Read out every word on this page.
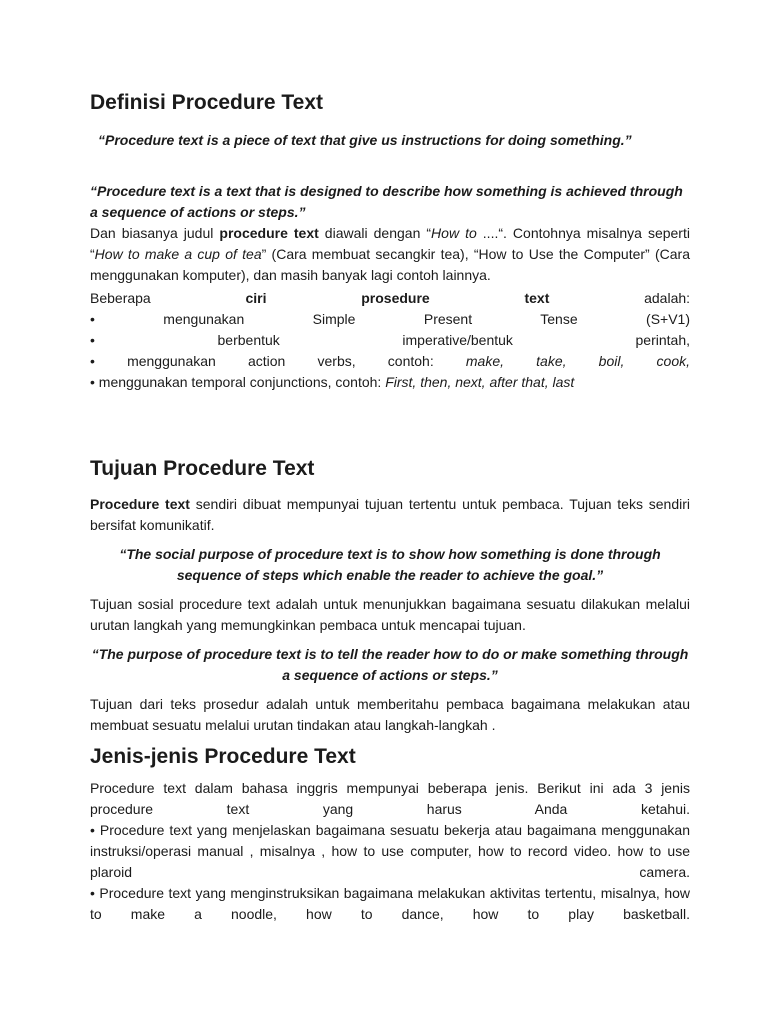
Definisi Procedure Text

“Procedure text is a piece of text that give us instructions for doing something.”

“Procedure text is a text that is designed to describe how something is achieved through a sequence of actions or steps.”

Dan biasanya judul procedure text diawali dengan “How to ....“. Contohnya misalnya seperti “How to make a cup of tea” (Cara membuat secangkir tea), “How to Use the Computer” (Cara menggunakan komputer), dan masih banyak lagi contoh lainnya.

Beberapa ciri	prosedure	text adalah:
• mengunakan Simple Present Tense (S+V1)
• berbentuk imperative/bentuk perintah,
• menggunakan action verbs, contoh: make, take, boil, cook,
• menggunakan temporal conjunctions, contoh: First, then, next, after that, last
Tujuan Procedure Text

Procedure text sendiri dibuat mempunyai tujuan tertentu untuk pembaca. Tujuan teks sendiri bersifat komunikatif.

“The social purpose of procedure text is to show how something is done through sequence of steps which enable the reader to achieve the goal.”

Tujuan sosial procedure text adalah untuk menunjukkan bagaimana sesuatu dilakukan melalui urutan langkah yang memungkinkan pembaca untuk mencapai tujuan.

“The purpose of procedure text is to tell the reader how to do or make something through a sequence of actions or steps.”

Tujuan dari teks prosedur adalah untuk memberitahu pembaca bagaimana melakukan atau membuat sesuatu melalui urutan tindakan atau langkah-langkah .

Jenis-jenis Procedure Text

Procedure text dalam bahasa inggris mempunyai beberapa jenis. Berikut ini ada 3 jenis procedure text yang harus Anda ketahui.

• Procedure text yang menjelaskan bagaimana sesuatu bekerja atau bagaimana menggunakan instruksi/operasi manual , misalnya , how to use computer, how to record video. how to use plaroid camera.

• Procedure text yang menginstruksikan bagaimana melakukan aktivitas tertentu, misalnya, how to make a noodle, how to dance, how to play basketball.
